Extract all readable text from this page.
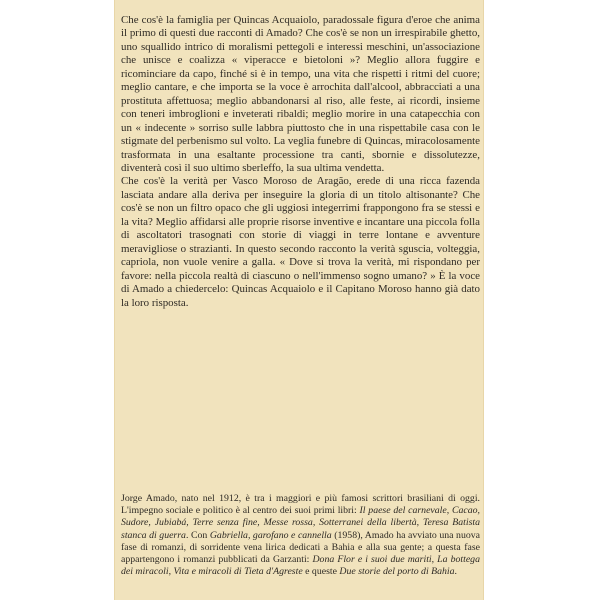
Che cos'è la famiglia per Quincas Acquaiolo, paradossale figura d'eroe che anima il primo di questi due racconti di Amado? Che cos'è se non un irrespirabile ghetto, uno squallido intrico di moralismi pettegoli e interessi meschini, un'associazione che unisce e coalizza « viperacce e bietoloni »? Meglio allora fuggire e ricominciare da capo, finché si è in tempo, una vita che rispetti i ritmi del cuore; meglio cantare, e che importa se la voce è arrochita dall'alcool, abbracciati a una prostituta affettuosa; meglio abbandonarsi al riso, alle feste, ai ricordi, insieme con teneri imbroglioni e inveterati ribaldi; meglio morire in una catapecchia con un « indecente » sorriso sulle labbra piuttosto che in una rispettabile casa con le stigmate del perbenismo sul volto. La veglia funebre di Quincas, miracolosamente trasformata in una esaltante processione tra canti, sbornie e dissolutezze, diventerà così il suo ultimo sberleffo, la sua ultima vendetta.

Che cos'è la verità per Vasco Moroso de Aragão, erede di una ricca fazenda lasciata andare alla deriva per inseguire la gloria di un titolo altisonante? Che cos'è se non un filtro opaco che gli uggiosi integerrimi frappongono fra se stessi e la vita? Meglio affidarsi alle proprie risorse inventive e incantare una piccola folla di ascoltatori trasognati con storie di viaggi in terre lontane e avventure meravigliose o strazianti. In questo secondo racconto la verità sguscia, volteggia, capriola, non vuole venire a galla. « Dove si trova la verità, mi rispondano per favore: nella piccola realtà di ciascuno o nell'immenso sogno umano? » È la voce di Amado a chiedercelo: Quincas Acquaiolo e il Capitano Moroso hanno già dato la loro risposta.

Jorge Amado, nato nel 1912, è tra i maggiori e più famosi scrittori brasiliani di oggi. L'impegno sociale e politico è al centro dei suoi primi libri: Il paese del carnevale, Cacao, Sudore, Jubiabá, Terre senza fine, Messe rossa, Sotterranei della libertà, Teresa Batista stanca di guerra. Con Gabriella, garofano e cannella (1958), Amado ha avviato una nuova fase di romanzi, di sorridente vena lirica dedicati a Bahia e alla sua gente; a questa fase appartengono i romanzi pubblicati da Garzanti: Dona Flor e i suoi due mariti, La bottega dei miracoli, Vita e miracoli di Tieta d'Agreste e queste Due storie del porto di Bahia.
